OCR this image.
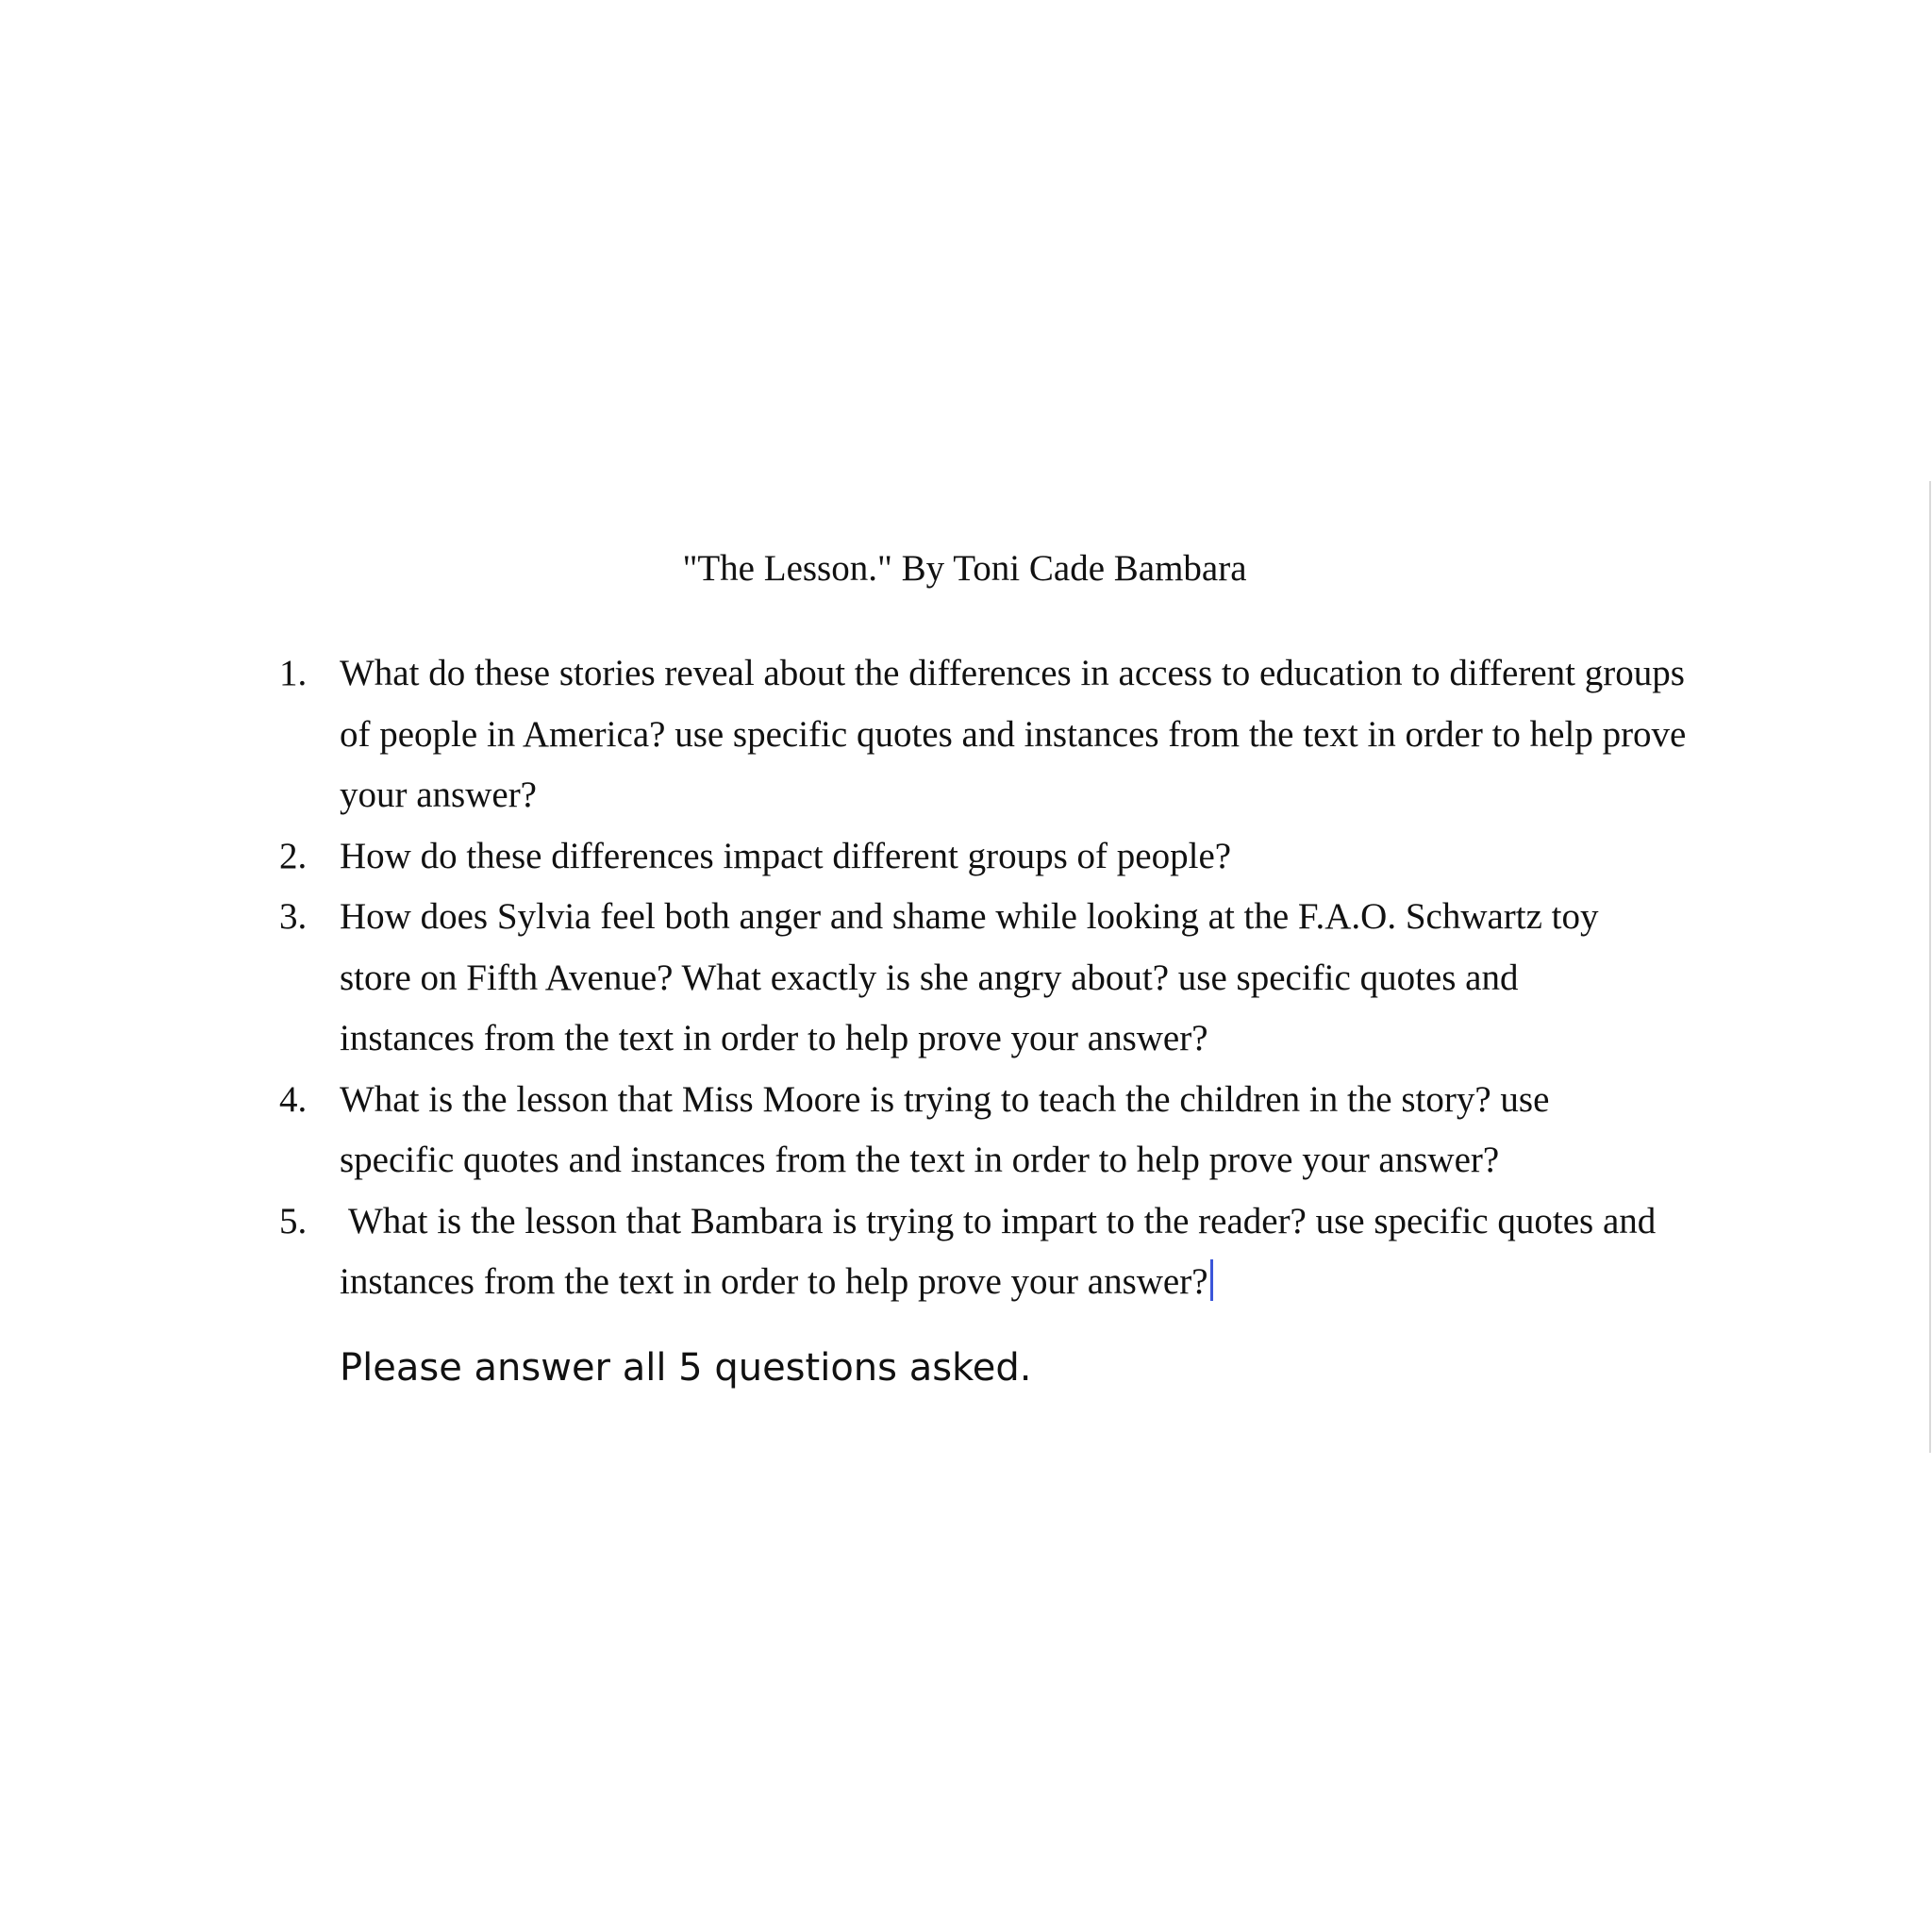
"The Lesson." By Toni Cade Bambara
1. What do these stories reveal about the differences in access to education to different groups of people in America? use specific quotes and instances from the text in order to help prove your answer?
2. How do these differences impact different groups of people?
3. How does Sylvia feel both anger and shame while looking at the F.A.O. Schwartz toy store on Fifth Avenue? What exactly is she angry about? use specific quotes and instances from the text in order to help prove your answer?
4. What is the lesson that Miss Moore is trying to teach the children in the story? use specific quotes and instances from the text in order to help prove your answer?
5. What is the lesson that Bambara is trying to impart to the reader? use specific quotes and instances from the text in order to help prove your answer?

Please answer all 5 questions asked.
